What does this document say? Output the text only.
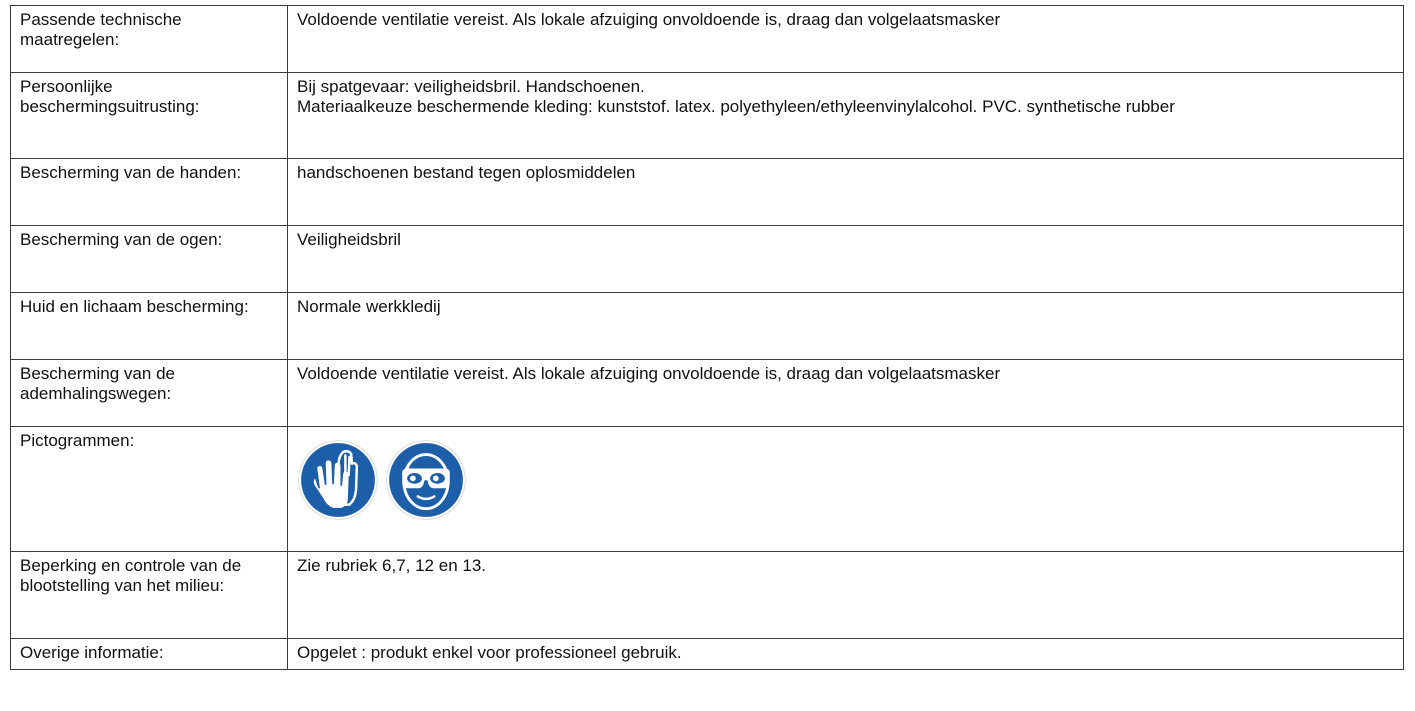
Passende technische maatregelen:	Voldoende ventilatie vereist. Als lokale afzuiging onvoldoende is, draag dan volgelaatsmasker
Persoonlijke beschermingsuitrusting:	Bij spatgevaar: veiligheidsbril. Handschoenen.
Materiaalkeuze beschermende kleding: kunststof. latex. polyethyleen/ethyleenvinylalcohol. PVC. synthetische rubber

Bescherming van de handen:	handschoenen bestand tegen oplosmiddelen
Bescherming van de ogen:	Veiligheidsbril
Huid en lichaam bescherming:	Normale werkkledij
Bescherming van de ademhalingswegen:	Voldoende ventilatie vereist. Als lokale afzuiging onvoldoende is, draag dan volgelaatsmasker
Pictogrammen:	

Beperking en controle van de blootstelling van het milieu:	Zie rubriek 6,7, 12 en 13.
Overige informatie:	Opgelet : produkt enkel voor professioneel gebruik.
